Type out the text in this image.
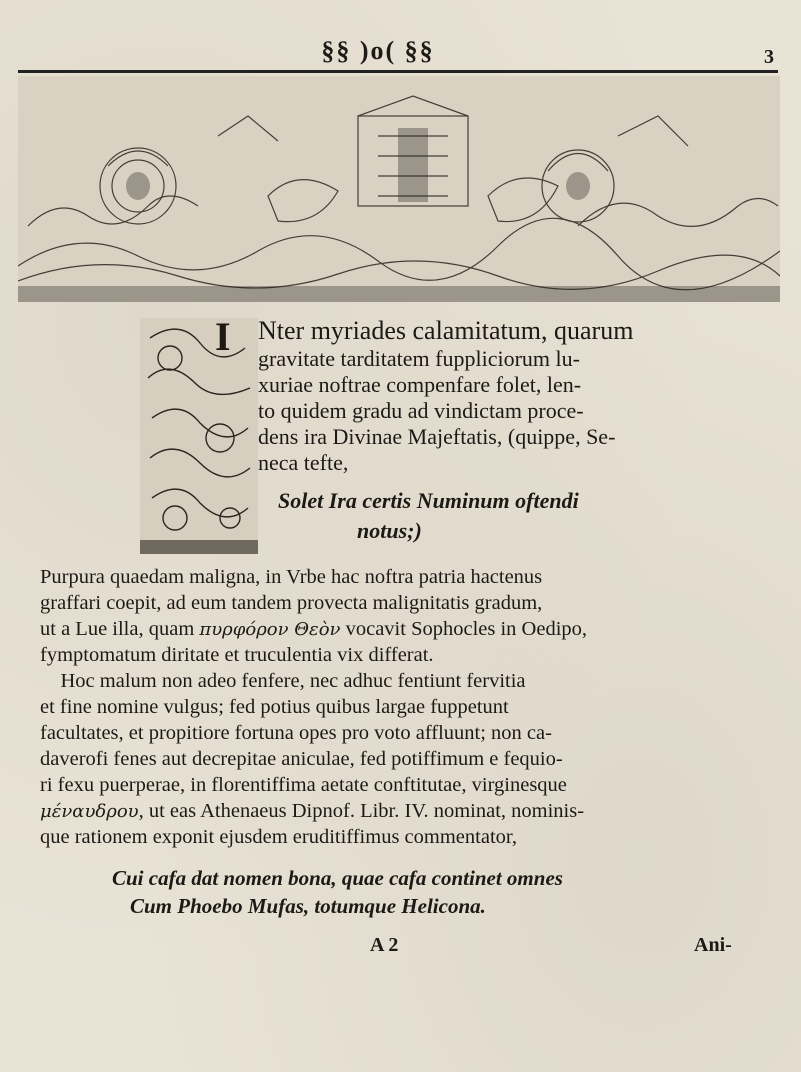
§§ )o( §§	3
I Nter myriades calamitatum, quarum
gravitate tarditatem fuppliciorum lu-
xuriae noftrae compenfare folet, len-
to quidem gradu ad vindictam proce-
dens ira Divinae Majeftatis, (quippe, Se-
neca tefte,
Solet Ira certis Numinum oftendi
notus;)
Purpura quaedam maligna, in Vrbe hac noftra patria hactenus
graffari coepit, ad eum tandem provecta malignitatis gradum,
ut a Lue illa, quam πυρφόρον Θεὸν vocavit Sophocles in Oedipo,
fymptomatum diritate et truculentia vix differat.
Hoc malum non adeo fenfere, nec adhuc fentiunt fervitia
et fine nomine vulgus; fed potius quibus largae fuppetunt
facultates, et propitiore fortuna opes pro voto affluunt; non ca-
daverofi fenes aut decrepitae aniculae, fed potiffimum e fequio-
ri fexu puerperae, in florentiffima aetate conftitutae, virginesque
μέναυδρου, ut eas Athenaeus Dipnof. Libr. IV. nominat, nominis-
que rationem exponit ejusdem eruditiffimus commentator,
Cui cafa dat nomen bona, quae cafa continet omnes
Cum Phoebo Mufas, totumque Helicona.
A 2	Ani-
